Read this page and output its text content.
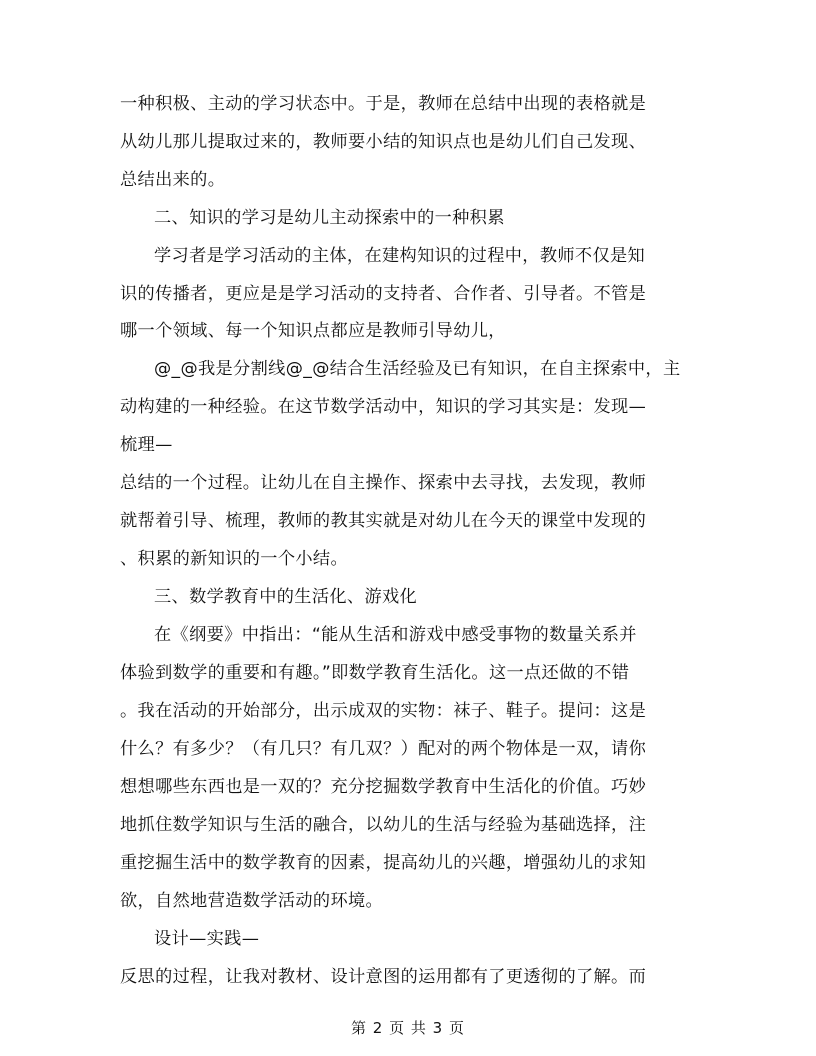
一种积极、主动的学习状态中。于是，教师在总结中出现的表格就是
从幼儿那儿提取过来的，教师要小结的知识点也是幼儿们自己发现、
总结出来的。
二、知识的学习是幼儿主动探索中的一种积累
学习者是学习活动的主体，在建构知识的过程中，教师不仅是知
识的传播者，更应是是学习活动的支持者、合作者、引导者。不管是
哪一个领域、每一个知识点都应是教师引导幼儿，
@_@我是分割线@_@结合生活经验及已有知识，在自主探索中，主
动构建的一种经验。在这节数学活动中，知识的学习其实是：发现—
梳理—
总结的一个过程。让幼儿在自主操作、探索中去寻找，去发现，教师
就帮着引导、梳理，教师的教其实就是对幼儿在今天的课堂中发现的
、积累的新知识的一个小结。
三、数学教育中的生活化、游戏化
在《纲要》中指出：“能从生活和游戏中感受事物的数量关系并
体验到数学的重要和有趣。”即数学教育生活化。这一点还做的不错
。我在活动的开始部分，出示成双的实物：袜子、鞋子。提问：这是
什么？有多少？（有几只？有几双？）配对的两个物体是一双，请你
想想哪些东西也是一双的？充分挖掘数学教育中生活化的价值。巧妙
地抓住数学知识与生活的融合，以幼儿的生活与经验为基础选择，注
重挖掘生活中的数学教育的因素，提高幼儿的兴趣，增强幼儿的求知
欲，自然地营造数学活动的环境。
设计—实践—
反思的过程，让我对教材、设计意图的运用都有了更透彻的了解。而
第 2 页 共 3 页
